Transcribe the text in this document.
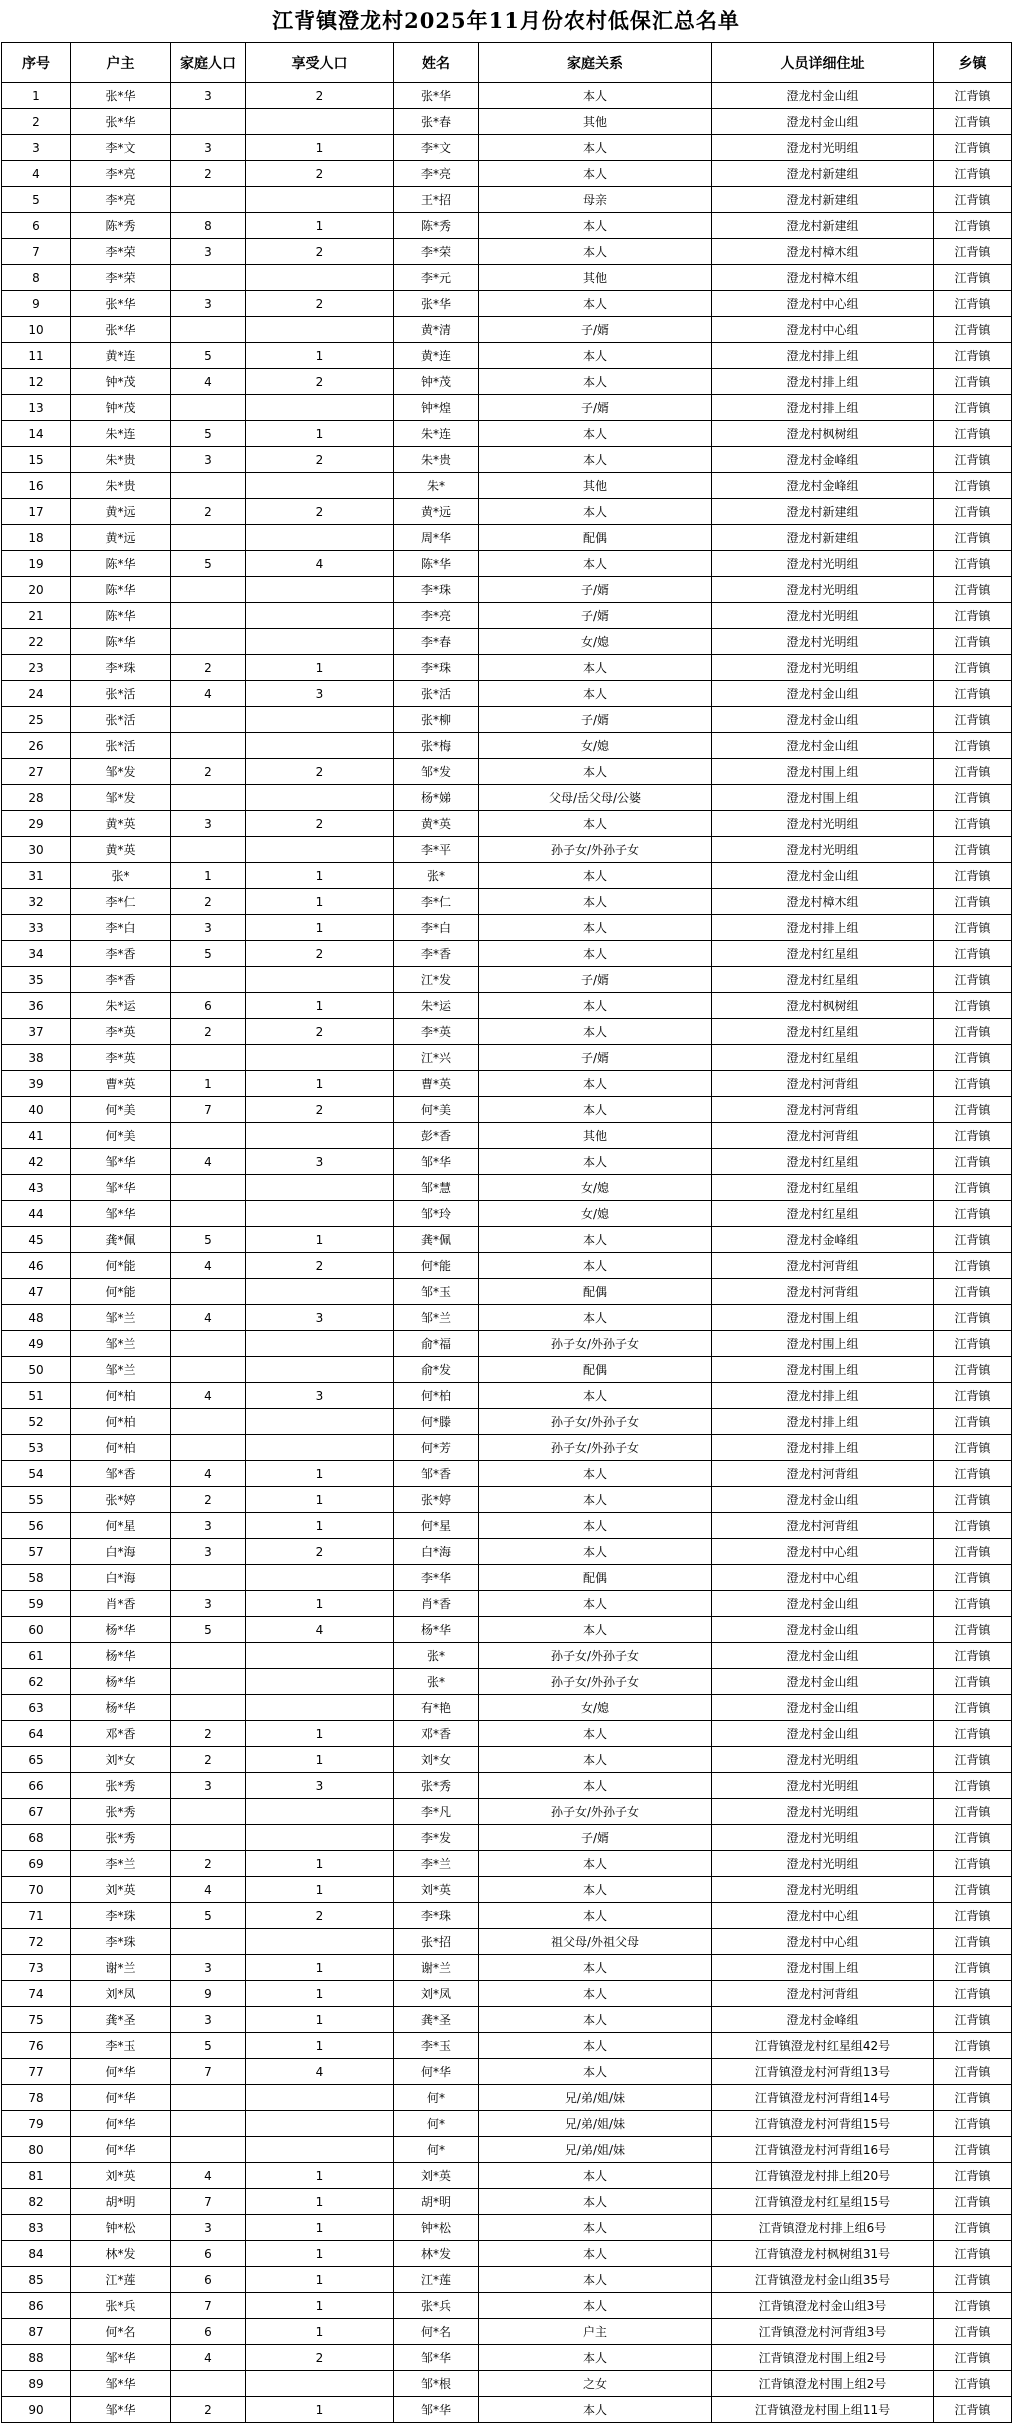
江背镇澄龙村2025年11月份农村低保汇总名单
序号	户主	家庭人口	享受人口	姓名	家庭关系	人员详细住址	乡镇
1	张*华	3	2	张*华	本人	澄龙村金山组	江背镇
2	张*华			张*春	其他	澄龙村金山组	江背镇
3	李*文	3	1	李*文	本人	澄龙村光明组	江背镇
4	李*亮	2	2	李*亮	本人	澄龙村新建组	江背镇
5	李*亮			王*招	母亲	澄龙村新建组	江背镇
6	陈*秀	8	1	陈*秀	本人	澄龙村新建组	江背镇
7	李*荣	3	2	李*荣	本人	澄龙村樟木组	江背镇
8	李*荣			李*元	其他	澄龙村樟木组	江背镇
9	张*华	3	2	张*华	本人	澄龙村中心组	江背镇
10	张*华			黄*清	子/婿	澄龙村中心组	江背镇
11	黄*连	5	1	黄*连	本人	澄龙村排上组	江背镇
12	钟*茂	4	2	钟*茂	本人	澄龙村排上组	江背镇
13	钟*茂			钟*煌	子/婿	澄龙村排上组	江背镇
14	朱*连	5	1	朱*连	本人	澄龙村枫树组	江背镇
15	朱*贵	3	2	朱*贵	本人	澄龙村金峰组	江背镇
16	朱*贵			朱*	其他	澄龙村金峰组	江背镇
17	黄*远	2	2	黄*远	本人	澄龙村新建组	江背镇
18	黄*远			周*华	配偶	澄龙村新建组	江背镇
19	陈*华	5	4	陈*华	本人	澄龙村光明组	江背镇
20	陈*华			李*珠	子/婿	澄龙村光明组	江背镇
21	陈*华			李*亮	子/婿	澄龙村光明组	江背镇
22	陈*华			李*春	女/媳	澄龙村光明组	江背镇
23	李*珠	2	1	李*珠	本人	澄龙村光明组	江背镇
24	张*活	4	3	张*活	本人	澄龙村金山组	江背镇
25	张*活			张*柳	子/婿	澄龙村金山组	江背镇
26	张*活			张*梅	女/媳	澄龙村金山组	江背镇
27	邹*发	2	2	邹*发	本人	澄龙村围上组	江背镇
28	邹*发			杨*娣	父母/岳父母/公婆	澄龙村围上组	江背镇
29	黄*英	3	2	黄*英	本人	澄龙村光明组	江背镇
30	黄*英			李*平	孙子女/外孙子女	澄龙村光明组	江背镇
31	张*	1	1	张*	本人	澄龙村金山组	江背镇
32	李*仁	2	1	李*仁	本人	澄龙村樟木组	江背镇
33	李*白	3	1	李*白	本人	澄龙村排上组	江背镇
34	李*香	5	2	李*香	本人	澄龙村红星组	江背镇
35	李*香			江*发	子/婿	澄龙村红星组	江背镇
36	朱*运	6	1	朱*运	本人	澄龙村枫树组	江背镇
37	李*英	2	2	李*英	本人	澄龙村红星组	江背镇
38	李*英			江*兴	子/婿	澄龙村红星组	江背镇
39	曹*英	1	1	曹*英	本人	澄龙村河背组	江背镇
40	何*美	7	2	何*美	本人	澄龙村河背组	江背镇
41	何*美			彭*香	其他	澄龙村河背组	江背镇
42	邹*华	4	3	邹*华	本人	澄龙村红星组	江背镇
43	邹*华			邹*慧	女/媳	澄龙村红星组	江背镇
44	邹*华			邹*玲	女/媳	澄龙村红星组	江背镇
45	龚*佩	5	1	龚*佩	本人	澄龙村金峰组	江背镇
46	何*能	4	2	何*能	本人	澄龙村河背组	江背镇
47	何*能			邹*玉	配偶	澄龙村河背组	江背镇
48	邹*兰	4	3	邹*兰	本人	澄龙村围上组	江背镇
49	邹*兰			俞*福	孙子女/外孙子女	澄龙村围上组	江背镇
50	邹*兰			俞*发	配偶	澄龙村围上组	江背镇
51	何*柏	4	3	何*柏	本人	澄龙村排上组	江背镇
52	何*柏			何*滕	孙子女/外孙子女	澄龙村排上组	江背镇
53	何*柏			何*芳	孙子女/外孙子女	澄龙村排上组	江背镇
54	邹*香	4	1	邹*香	本人	澄龙村河背组	江背镇
55	张*婷	2	1	张*婷	本人	澄龙村金山组	江背镇
56	何*星	3	1	何*星	本人	澄龙村河背组	江背镇
57	白*海	3	2	白*海	本人	澄龙村中心组	江背镇
58	白*海			李*华	配偶	澄龙村中心组	江背镇
59	肖*香	3	1	肖*香	本人	澄龙村金山组	江背镇
60	杨*华	5	4	杨*华	本人	澄龙村金山组	江背镇
61	杨*华			张*	孙子女/外孙子女	澄龙村金山组	江背镇
62	杨*华			张*	孙子女/外孙子女	澄龙村金山组	江背镇
63	杨*华			有*艳	女/媳	澄龙村金山组	江背镇
64	邓*香	2	1	邓*香	本人	澄龙村金山组	江背镇
65	刘*女	2	1	刘*女	本人	澄龙村光明组	江背镇
66	张*秀	3	3	张*秀	本人	澄龙村光明组	江背镇
67	张*秀			李*凡	孙子女/外孙子女	澄龙村光明组	江背镇
68	张*秀			李*发	子/婿	澄龙村光明组	江背镇
69	李*兰	2	1	李*兰	本人	澄龙村光明组	江背镇
70	刘*英	4	1	刘*英	本人	澄龙村光明组	江背镇
71	李*珠	5	2	李*珠	本人	澄龙村中心组	江背镇
72	李*珠			张*招	祖父母/外祖父母	澄龙村中心组	江背镇
73	谢*兰	3	1	谢*兰	本人	澄龙村围上组	江背镇
74	刘*凤	9	1	刘*凤	本人	澄龙村河背组	江背镇
75	龚*圣	3	1	龚*圣	本人	澄龙村金峰组	江背镇
76	李*玉	5	1	李*玉	本人	江背镇澄龙村红星组42号	江背镇
77	何*华	7	4	何*华	本人	江背镇澄龙村河背组13号	江背镇
78	何*华			何*	兄/弟/姐/妹	江背镇澄龙村河背组14号	江背镇
79	何*华			何*	兄/弟/姐/妹	江背镇澄龙村河背组15号	江背镇
80	何*华			何*	兄/弟/姐/妹	江背镇澄龙村河背组16号	江背镇
81	刘*英	4	1	刘*英	本人	江背镇澄龙村排上组20号	江背镇
82	胡*明	7	1	胡*明	本人	江背镇澄龙村红星组15号	江背镇
83	钟*松	3	1	钟*松	本人	江背镇澄龙村排上组6号	江背镇
84	林*发	6	1	林*发	本人	江背镇澄龙村枫树组31号	江背镇
85	江*莲	6	1	江*莲	本人	江背镇澄龙村金山组35号	江背镇
86	张*兵	7	1	张*兵	本人	江背镇澄龙村金山组3号	江背镇
87	何*名	6	1	何*名	户主	江背镇澄龙村河背组3号	江背镇
88	邹*华	4	2	邹*华	本人	江背镇澄龙村围上组2号	江背镇
89	邹*华			邹*根	之女	江背镇澄龙村围上组2号	江背镇
90	邹*华	2	1	邹*华	本人	江背镇澄龙村围上组11号	江背镇
